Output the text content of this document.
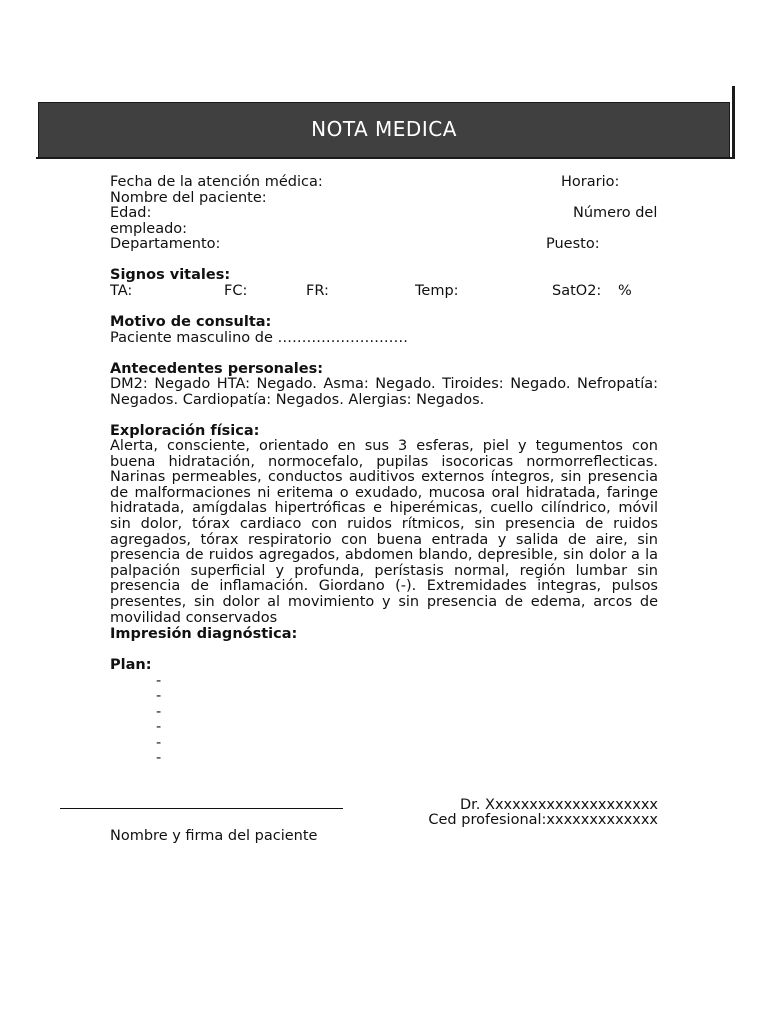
NOTA MEDICA
Fecha de la atención médica:	Horario:
Nombre del paciente:
Edad:	Número del
empleado:
Departamento:	Puesto:
Signos vitales:
TA:	FC:	FR:	Temp:	SatO2: %
Motivo de consulta:
Paciente masculino de ………………………
Antecedentes personales:
DM2: Negado HTA: Negado. Asma: Negado. Tiroides: Negado. Nefropatía: Negados. Cardiopatía: Negados. Alergias: Negados.
Exploración física:
Alerta, consciente, orientado en sus 3 esferas, piel y tegumentos con buena hidratación, normocefalo, pupilas isocoricas normorreflecticas. Narinas permeables, conductos auditivos externos íntegros, sin presencia de malformaciones ni eritema o exudado, mucosa oral hidratada, faringe hidratada, amígdalas hipertróficas e hiperémicas, cuello cilíndrico, móvil sin dolor, tórax cardiaco con ruidos rítmicos, sin presencia de ruidos agregados, tórax respiratorio con buena entrada y salida de aire, sin presencia de ruidos agregados, abdomen blando, depresible, sin dolor a la palpación superficial y profunda, perístasis normal, región lumbar sin presencia de inflamación. Giordano (-). Extremidades integras, pulsos presentes, sin dolor al movimiento y sin presencia de edema, arcos de movilidad conservados
Impresión diagnóstica:
Plan:
-
-
-
-
-
-
Dr. Xxxxxxxxxxxxxxxxxxxx
Ced profesional:xxxxxxxxxxxxx
Nombre y firma del paciente
